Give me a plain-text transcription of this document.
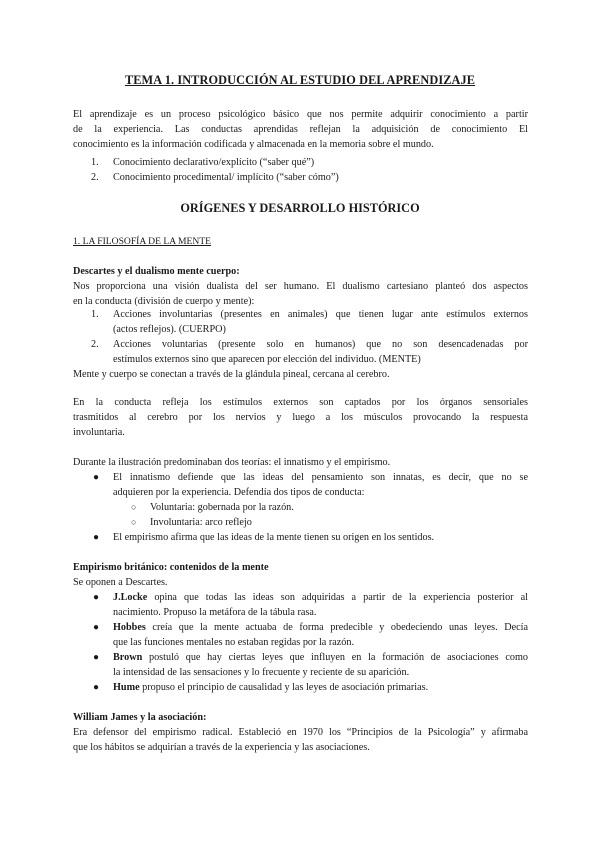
TEMA 1. INTRODUCCIÓN AL ESTUDIO DEL APRENDIZAJE
El aprendizaje es un proceso psicológico básico que nos permite adquirir conocimiento a partir
de la experiencia. Las conductas aprendidas reflejan la adquisición de conocimiento El
conocimiento es la información codificada y almacenada en la memoria sobre el mundo.
1.	Conocimiento declarativo/explícito (“saber qué”)
2.	Conocimiento procedimental/ implícito (“saber cómo”)
ORÍGENES Y DESARROLLO HISTÓRICO
1. LA FILOSOFÍA DE LA MENTE
Descartes y el dualismo mente cuerpo:
Nos proporciona una visión dualista del ser humano. El dualismo cartesiano planteó dos aspectos
en la conducta (división de cuerpo y mente):
1.	Acciones involuntarias (presentes en animales) que tienen lugar ante estímulos externos
(actos reflejos). (CUERPO)
2.	Acciones voluntarias (presente solo en humanos) que no son desencadenadas por
estímulos externos sino que aparecen por elección del individuo. (MENTE)
Mente y cuerpo se conectan a través de la glándula pineal, cercana al cerebro.
En la conducta refleja los estímulos externos son captados por los órganos sensoriales
trasmitidos al cerebro por los nervios y luego a los músculos provocando la respuesta
involuntaria.
Durante la ilustración predominaban dos teorías: el innatismo y el empirismo.
● El innatismo defiende que las ideas del pensamiento son innatas, es decir, que no se
adquieren por la experiencia. Defendía dos tipos de conducta:
○ Voluntaria: gobernada por la razón.
○ Involuntaria: arco reflejo
● El empirismo afirma que las ideas de la mente tienen su origen en los sentidos.
Empirismo británico: contenidos de la mente
Se oponen a Descartes.
● J.Locke opina que todas las ideas son adquiridas a partir de la experiencia posterior al
nacimiento. Propuso la metáfora de la tábula rasa.
● Hobbes creía que la mente actuaba de forma predecible y obedeciendo unas leyes. Decía
que las funciones mentales no estaban regidas por la razón.
● Brown postuló que hay ciertas leyes que influyen en la formación de asociaciones como
la intensidad de las sensaciones y lo frecuente y reciente de su aparición.
● Hume propuso el principio de causalidad y las leyes de asociación primarias.
William James y la asociación:
Era defensor del empirismo radical. Estableció en 1970 los “Principios de la Psicología” y afirmaba
que los hábitos se adquirían a través de la experiencia y las asociaciones.
